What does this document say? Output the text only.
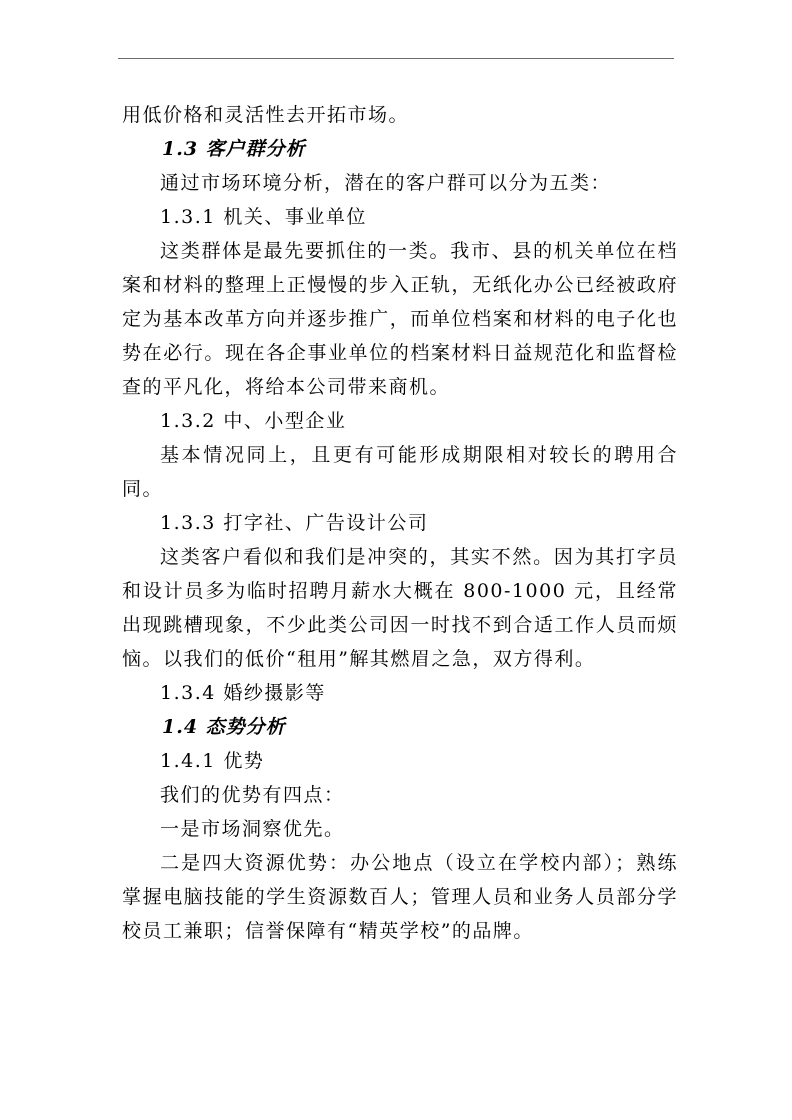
用低价格和灵活性去开拓市场。
1.3 客户群分析
通过市场环境分析，潜在的客户群可以分为五类：
1.3.1 机关、事业单位

这类群体是最先要抓住的一类。我市、县的机关单位在档案和材料的整理上正慢慢的步入正轨，无纸化办公已经被政府定为基本改革方向并逐步推广，而单位档案和材料的电子化也势在必行。现在各企事业单位的档案材料日益规范化和监督检查的平凡化，将给本公司带来商机。

1.3.2 中、小型企业

基本情况同上，且更有可能形成期限相对较长的聘用合同。

1.3.3 打字社、广告设计公司

这类客户看似和我们是冲突的，其实不然。因为其打字员和设计员多为临时招聘月薪水大概在 800-1000 元，且经常出现跳槽现象，不少此类公司因一时找不到合适工作人员而烦恼。以我们的低价“租用”解其燃眉之急，双方得利。

1.3.4 婚纱摄影等
1.4 态势分析
1.4.1 优势
我们的优势有四点：
一是市场洞察优先。

二是四大资源优势：办公地点（设立在学校内部）；熟练掌握电脑技能的学生资源数百人；管理人员和业务人员部分学校员工兼职；信誉保障有“精英学校”的品牌。
